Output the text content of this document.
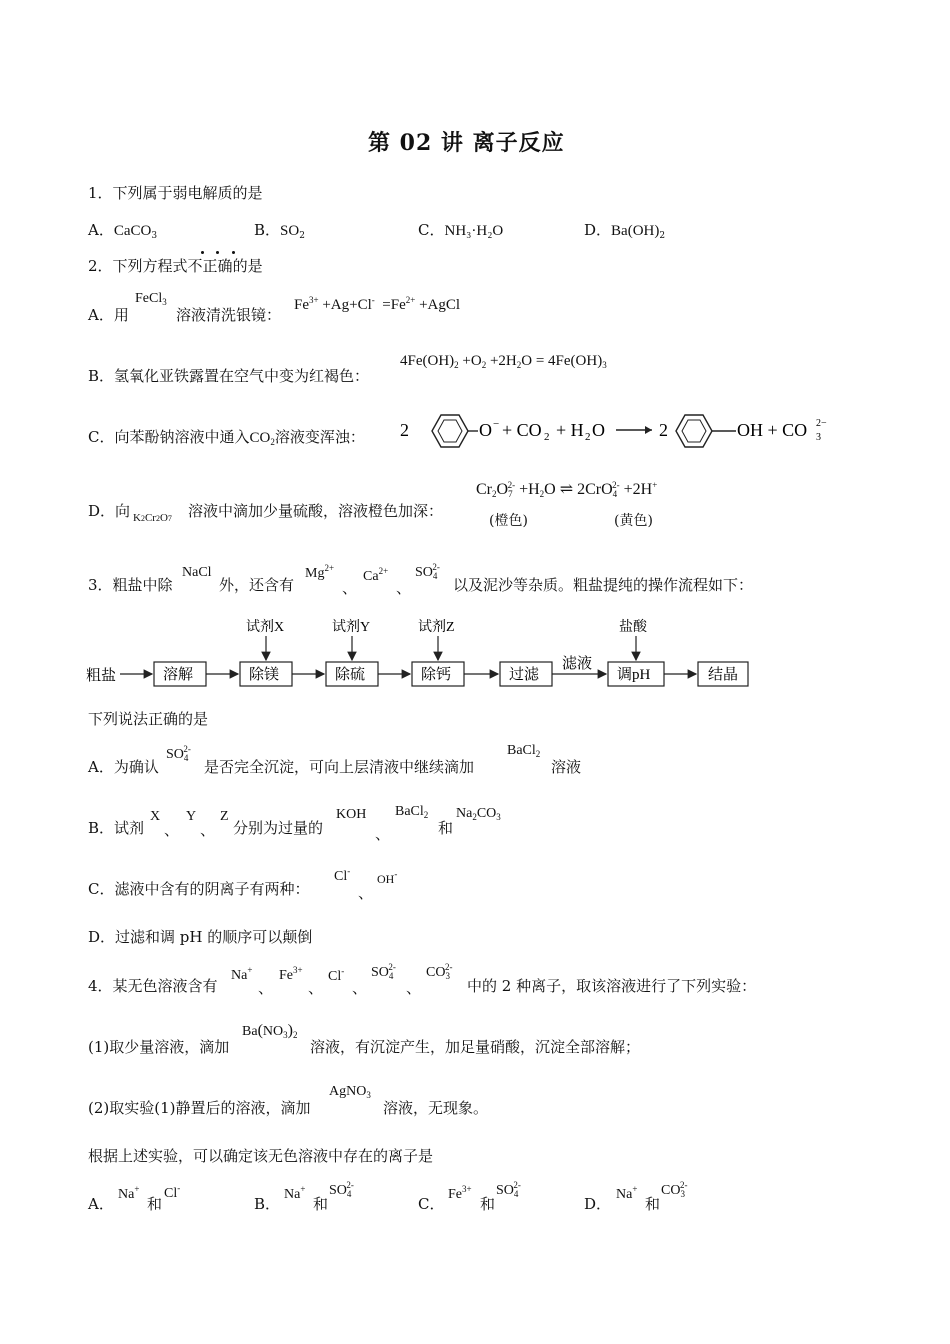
第 02 讲 离子反应
1．下列属于弱电解质的是
A．CaCO$_3$	B．$SO_2$	C．NH₃·H₂O	D．$Ba(OH)_2$
2．下列方程式不正确的是
A．用
FeCl$_3$
溶液清洗银镜：
$Fe^{3+} +Ag+Cl^- =Fe^{2+}$ +AgCl
B．氢氧化亚铁露置在空气中变为红褐色：
$4Fe(OH)_2 +O_2 +2H_2O = 4Fe(OH)_3$
C．向苯酚钠溶液中通入$CO_2$溶液变浑浊： 2	O − + CO 2 + H 2 O	2	OH + CO 3
2−
D．向 K2Cr2O7 溶液中滴加少量硫酸，溶液橙色加深：
$Cr_2O_7^{2-} +H_2O$ ⇌ 2CrO$_4^{2-}$ +2H+
(橙色)	(黄色)
3．粗盐中除
NaCl
外，还含有
$Mg^{2+}$
、
$Ca^{2+}$
、
$SO_4^{2-}$
以及泥沙等杂质。粗盐提纯的操作流程如下：
粗盐	溶解	除镁	除硫	除钙	过滤
滤液
调pH	结晶
试剂X	试剂Y	试剂Z	盐酸
下列说法正确的是
A．为确认
$SO_4^{2-}$
是否完全沉淀，可向上层清液中继续滴加
BaCl$_2$
溶液
B．试剂
X
、
Y
、
Z
分别为过量的
KOH
、
BaCl$_2$
和
$Na_2CO_3$
C．滤液中含有的阴离子有两种：
Cl-
、
OH-
D．过滤和调 pH 的顺序可以颠倒
4．某无色溶液含有
Na+
、
$Fe^{3+}$
、
Cl-
、
$SO_4^{2-}$
、
$CO_3^{2-}$
中的 2 种离子，取该溶液进行了下列实验：
(1)取少量溶液，滴加
$Ba(NO_3)_2$
溶液，有沉淀产生，加足量硝酸，沉淀全部溶解；
(2)取实验(1)静置后的溶液，滴加
AgNO$_3$
溶液，无现象。
根据上述实验，可以确定该无色溶液中存在的离子是
A．
Na+
和
Cl-
B．
Na+
和
$SO_4^{2-}$
C．
$Fe^{3+}$
和
$SO_4^{2-}$
D．
Na+
和
$CO_3^{2-}$
